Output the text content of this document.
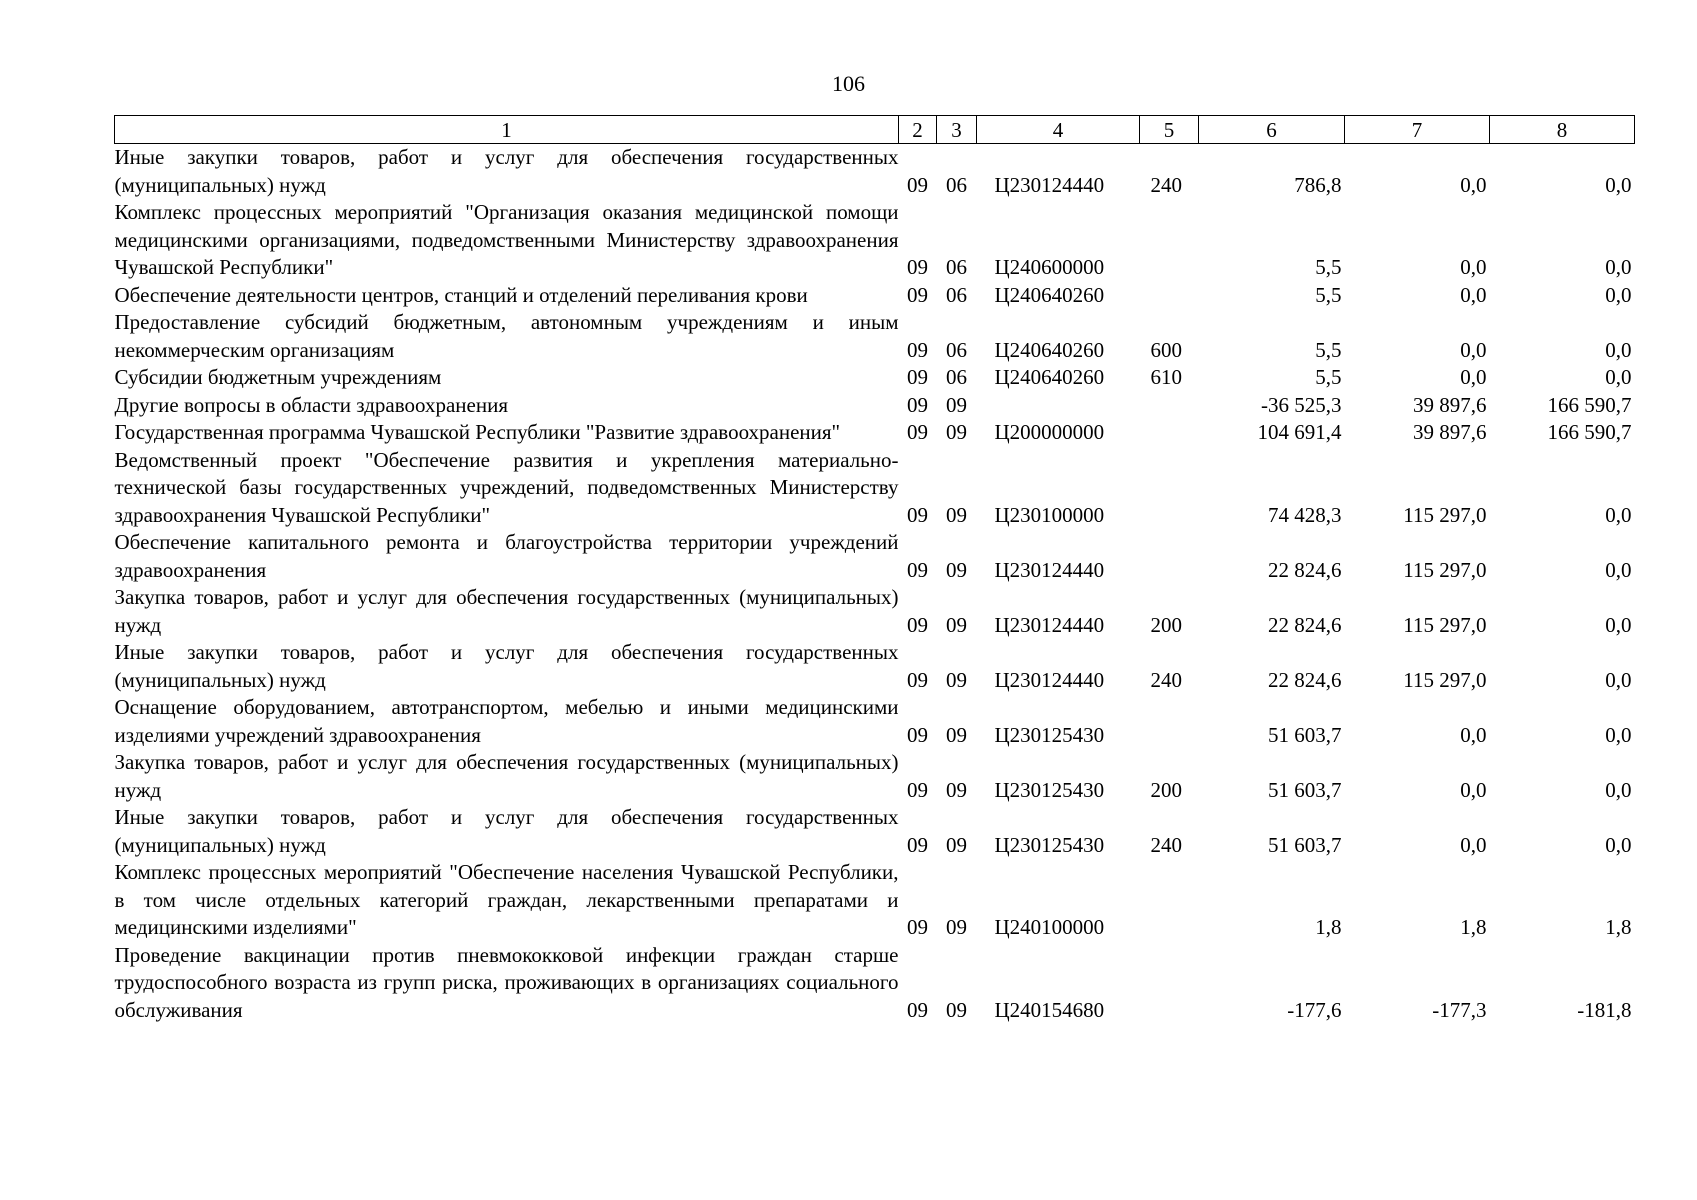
106
1	2	3	4	5	6	7	8
Иные закупки товаров, работ и услуг для обеспечения государственных (муниципальных) нужд	09	06	Ц230124440	240	786,8	0,0	0,0
Комплекс процессных мероприятий "Организация оказания медицинской помощи медицинскими организациями, подведомственными Министерству здравоохранения Чувашской Республики"	09	06	Ц240600000		5,5	0,0	0,0
Обеспечение деятельности центров, станций и отделений переливания крови	09	06	Ц240640260		5,5	0,0	0,0
Предоставление субсидий бюджетным, автономным учреждениям и иным некоммерческим организациям	09	06	Ц240640260	600	5,5	0,0	0,0
Субсидии бюджетным учреждениям	09	06	Ц240640260	610	5,5	0,0	0,0
Другие вопросы в области здравоохранения	09	09			-36 525,3	39 897,6	166 590,7
Государственная программа Чувашской Республики "Развитие здравоохранения"	09	09	Ц200000000		104 691,4	39 897,6	166 590,7
Ведомственный проект "Обеспечение развития и укрепления материально-технической базы государственных учреждений, подведомственных Министерству здравоохранения Чувашской Республики"	09	09	Ц230100000		74 428,3	115 297,0	0,0
Обеспечение капитального ремонта и благоустройства территории учреждений здравоохранения	09	09	Ц230124440		22 824,6	115 297,0	0,0
Закупка товаров, работ и услуг для обеспечения государственных (муниципальных) нужд	09	09	Ц230124440	200	22 824,6	115 297,0	0,0
Иные закупки товаров, работ и услуг для обеспечения государственных (муниципальных) нужд	09	09	Ц230124440	240	22 824,6	115 297,0	0,0
Оснащение оборудованием, автотранспортом, мебелью и иными медицинскими изделиями учреждений здравоохранения	09	09	Ц230125430		51 603,7	0,0	0,0
Закупка товаров, работ и услуг для обеспечения государственных (муниципальных) нужд	09	09	Ц230125430	200	51 603,7	0,0	0,0
Иные закупки товаров, работ и услуг для обеспечения государственных (муниципальных) нужд	09	09	Ц230125430	240	51 603,7	0,0	0,0
Комплекс процессных мероприятий "Обеспечение населения Чувашской Республики, в том числе отдельных категорий граждан, лекарственными препаратами и медицинскими изделиями"	09	09	Ц240100000		1,8	1,8	1,8
Проведение вакцинации против пневмококковой инфекции граждан старше трудоспособного возраста из групп риска, проживающих в организациях социального обслуживания	09	09	Ц240154680		-177,6	-177,3	-181,8
